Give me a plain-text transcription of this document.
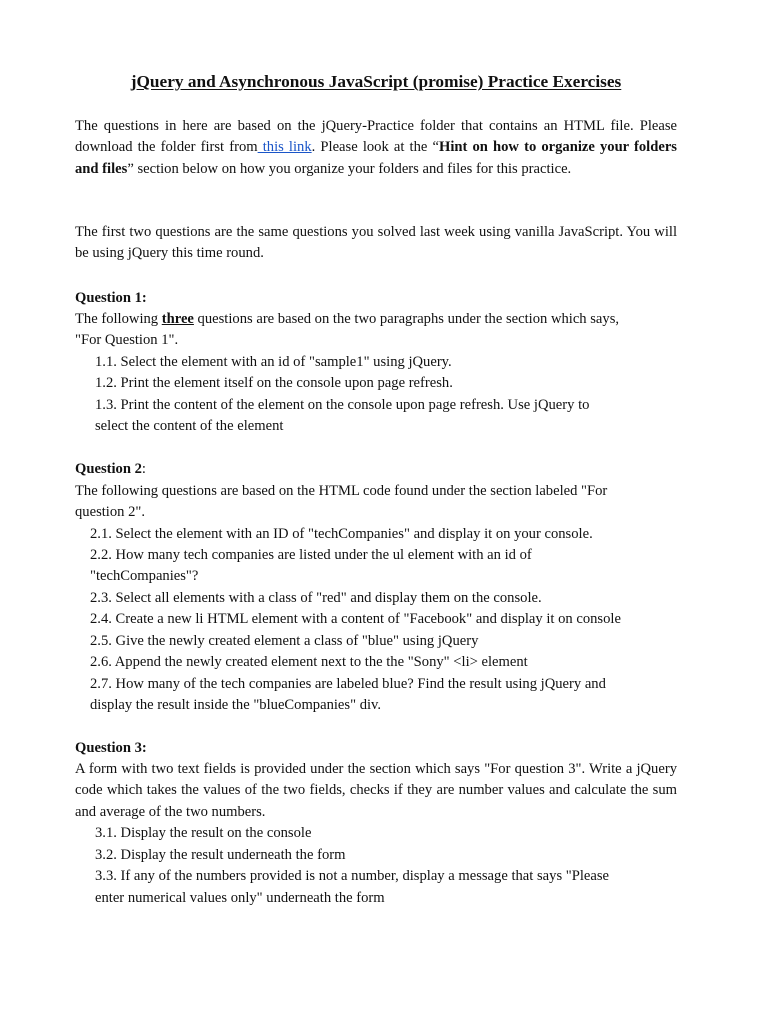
jQuery and Asynchronous JavaScript (promise) Practice Exercises

The questions in here are based on the jQuery-Practice folder that contains an HTML file. Please download the folder first from this link. Please look at the “Hint on how to organize your folders and files” section below on how you organize your folders and files for this practice.

The first two questions are the same questions you solved last week using vanilla JavaScript. You will be using jQuery this time round.

Question 1:
The following three questions are based on the two paragraphs under the section which says,
"For Question 1".
1.1. Select the element with an id of "sample1" using jQuery.
1.2. Print the element itself on the console upon page refresh.
1.3. Print the content of the element on the console upon page refresh. Use jQuery to
select the content of the element
Question 2:
The following questions are based on the HTML code found under the section labeled "For
question 2".
2.1. Select the element with an ID of "techCompanies" and display it on your console.
2.2. How many tech companies are listed under the ul element with an id of
"techCompanies"?
2.3. Select all elements with a class of "red" and display them on the console.
2.4. Create a new li HTML element with a content of "Facebook" and display it on console
2.5. Give the newly created element a class of "blue" using jQuery
2.6. Append the newly created element next to the the "Sony" <li> element
2.7. How many of the tech companies are labeled blue? Find the result using jQuery and
display the result inside the "blueCompanies" div.
Question 3:

A form with two text fields is provided under the section which says "For question 3". Write a jQuery code which takes the values of the two fields, checks if they are number values and calculate the sum and average of the two numbers.

3.1. Display the result on the console
3.2. Display the result underneath the form
3.3. If any of the numbers provided is not a number, display a message that says "Please
enter numerical values only" underneath the form
